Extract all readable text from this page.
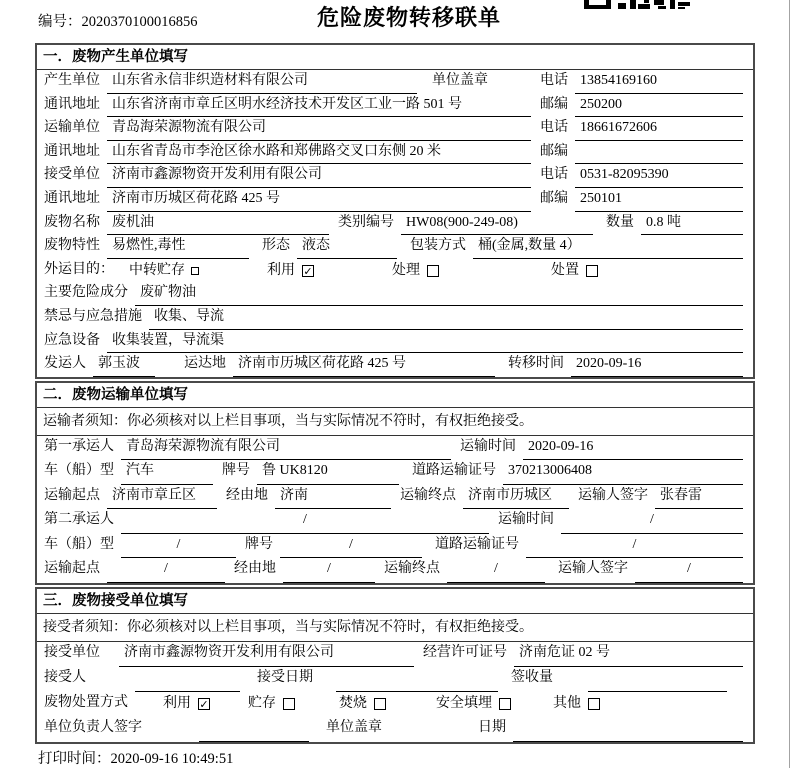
编号：2020370100016856	危险废物转移联单
一．废物产生单位填写
产生单位 山东省永信非织造材料有限公司	单位盖章	电话 13854169160
通讯地址 山东省济南市章丘区明水经济技术开发区工业一路 501 号	邮编 250200
运输单位 青岛海荣源物流有限公司	电话 18661672606
通讯地址 山东省青岛市李沧区徐水路和郑佛路交叉口东侧 20 米	邮编
接受单位 济南市鑫源物资开发利用有限公司	电话 0531-82095390
通讯地址 济南市历城区荷花路 425 号	邮编 250101
废物名称 废机油	类别编号 HW08(900-249-08)	数量 0.8 吨
废物特性 易燃性,毒性	形态 液态	包装方式 桶(金属,数量 4）
外运目的：	中转贮存	利用 ✓	处理	处置
主要危险成分 废矿物油
禁忌与应急措施 收集、导流
应急设备 收集装置，导流渠
发运人 郭玉波	运达地 济南市历城区荷花路 425 号	转移时间 2020-09-16
二．废物运输单位填写
运输者须知：你必须核对以上栏目事项，当与实际情况不符时，有权拒绝接受。
第一承运人 青岛海荣源物流有限公司	运输时间 2020-09-16
车（船）型 汽车	牌号 鲁 UK8120	道路运输证号 370213006408
运输起点 济南市章丘区	经由地 济南	运输终点 济南市历城区	运输人签字 张春雷
第二承运人	/	运输时间	/
车（船）型	/	牌号	/	道路运输证号	/
运输起点	/	经由地	/	运输终点	/	运输人签字	/
三．废物接受单位填写
接受者须知：你必须核对以上栏目事项，当与实际情况不符时，有权拒绝接受。
接受单位	济南市鑫源物资开发利用有限公司	经营许可证号 济南危证 02 号
接受人	接受日期	签收量
废物处置方式	利用 ✓	贮存	焚烧	安全填埋	其他
单位负责人签字	单位盖章	日期
打印时间：2020-09-16 10:49:51
